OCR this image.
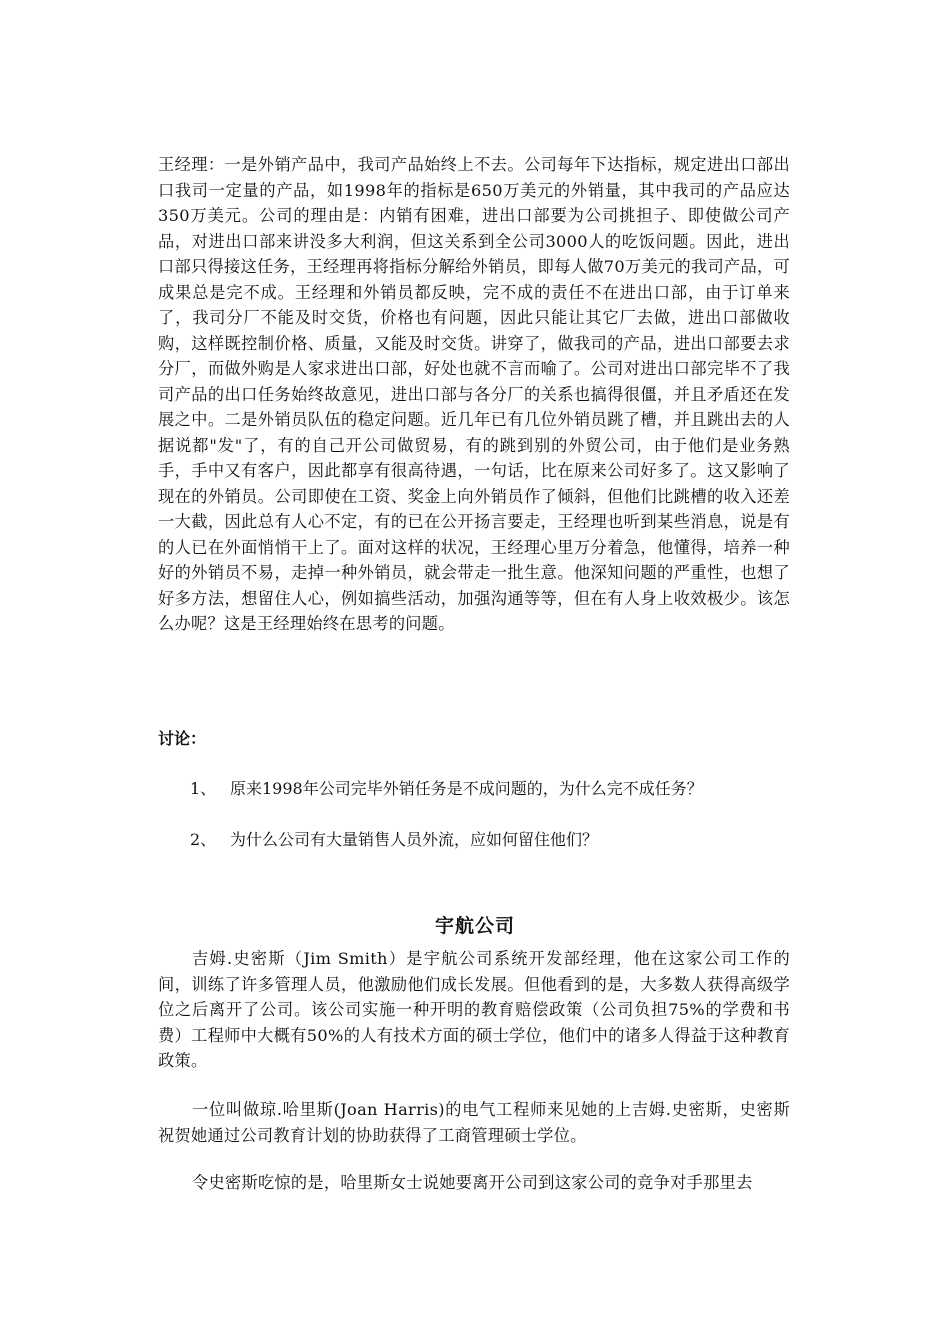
王经理：一是外销产品中，我司产品始终上不去。公司每年下达指标，规定进出口部出口我司一定量的产品，如1998年的指标是650万美元的外销量，其中我司的产品应达350万美元。公司的理由是：内销有困难，进出口部要为公司挑担子、即使做公司产品，对进出口部来讲没多大利润，但这关系到全公司3000人的吃饭问题。因此，进出口部只得接这任务，王经理再将指标分解给外销员，即每人做70万美元的我司产品，可成果总是完不成。王经理和外销员都反映，完不成的责任不在进出口部，由于订单来了，我司分厂不能及时交货，价格也有问题，因此只能让其它厂去做，进出口部做收购，这样既控制价格、质量，又能及时交货。讲穿了，做我司的产品，进出口部要去求分厂，而做外购是人家求进出口部，好处也就不言而喻了。公司对进出口部完毕不了我司产品的出口任务始终故意见，进出口部与各分厂的关系也搞得很僵，并且矛盾还在发展之中。二是外销员队伍的稳定问题。近几年已有几位外销员跳了槽，并且跳出去的人据说都"发"了，有的自己开公司做贸易，有的跳到别的外贸公司，由于他们是业务熟手，手中又有客户，因此都享有很高待遇，一句话，比在原来公司好多了。这又影响了现在的外销员。公司即使在工资、奖金上向外销员作了倾斜，但他们比跳槽的收入还差一大截，因此总有人心不定，有的已在公开扬言要走，王经理也听到某些消息，说是有的人已在外面悄悄干上了。面对这样的状况，王经理心里万分着急，他懂得，培养一种好的外销员不易，走掉一种外销员，就会带走一批生意。他深知问题的严重性，也想了好多方法，想留住人心，例如搞些活动，加强沟通等等，但在有人身上收效极少。该怎么办呢？这是王经理始终在思考的问题。

讨论：

1、 原来1998年公司完毕外销任务是不成问题的，为什么完不成任务？

2、 为什么公司有大量销售人员外流，应如何留住他们？

宇航公司

吉姆.史密斯（Jim Smith）是宇航公司系统开发部经理，他在这家公司工作的间，训练了许多管理人员，他激励他们成长发展。但他看到的是，大多数人获得高级学位之后离开了公司。该公司实施一种开明的教育赔偿政策（公司负担75%的学费和书费）工程师中大概有50%的人有技术方面的硕士学位，他们中的诸多人得益于这种教育政策。

一位叫做琼.哈里斯(Joan Harris)的电气工程师来见她的上吉姆.史密斯，史密斯祝贺她通过公司教育计划的协助获得了工商管理硕士学位。

令史密斯吃惊的是，哈里斯女士说她要离开公司到这家公司的竞争对手那里去
